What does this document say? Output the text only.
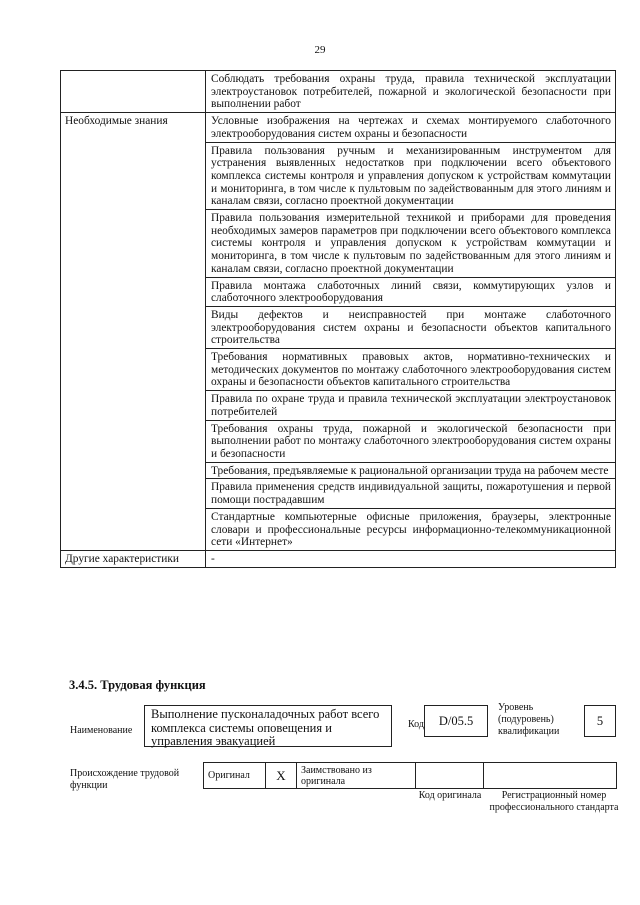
29
	Соблюдать требования охраны труда, правила технической эксплуатации электроустановок потребителей, пожарной и экологической безопасности при выполнении работ
Необходимые знания	Условные изображения на чертежах и схемах монтируемого слаботочного электрооборудования систем охраны и безопасности
	Правила пользования ручным и механизированным инструментом для устранения выявленных недостатков при подключении всего объектового комплекса системы контроля и управления допуском к устройствам коммутации и мониторинга, в том числе к пультовым по задействованным для этого линиям и каналам связи, согласно проектной документации
	Правила пользования измерительной техникой и приборами для проведения необходимых замеров параметров при подключении всего объектового комплекса системы контроля и управления допуском к устройствам коммутации и мониторинга, в том числе к пультовым по задействованным для этого линиям и каналам связи, согласно проектной документации
	Правила монтажа слаботочных линий связи, коммутирующих узлов и слаботочного электрооборудования
	Виды дефектов и неисправностей при монтаже слаботочного электрооборудования систем охраны и безопасности объектов капитального строительства
	Требования нормативных правовых актов, нормативно-технических и методических документов по монтажу слаботочного электрооборудования систем охраны и безопасности объектов капитального строительства
	Правила по охране труда и правила технической эксплуатации электроустановок потребителей
	Требования охраны труда, пожарной и экологической безопасности при выполнении работ по монтажу слаботочного электрооборудования систем охраны и безопасности
	Требования, предъявляемые к рациональной организации труда на рабочем месте
	Правила применения средств индивидуальной защиты, пожаротушения и первой помощи пострадавшим
	Стандартные компьютерные офисные приложения, браузеры, электронные словари и профессиональные ресурсы информационно-телекоммуникационной сети «Интернет»
Другие характеристики	-
3.4.5. Трудовая функция
Наименование
Выполнение пусконаладочных работ всего комплекса системы оповещения и управления эвакуацией
Код	D/05.5
Уровень (подуровень) квалификации
5
Происхождение трудовой функции
Оригинал	X	Заимствовано из оригинала		
Код оригинала	Регистрационный номер профессионального стандарта
